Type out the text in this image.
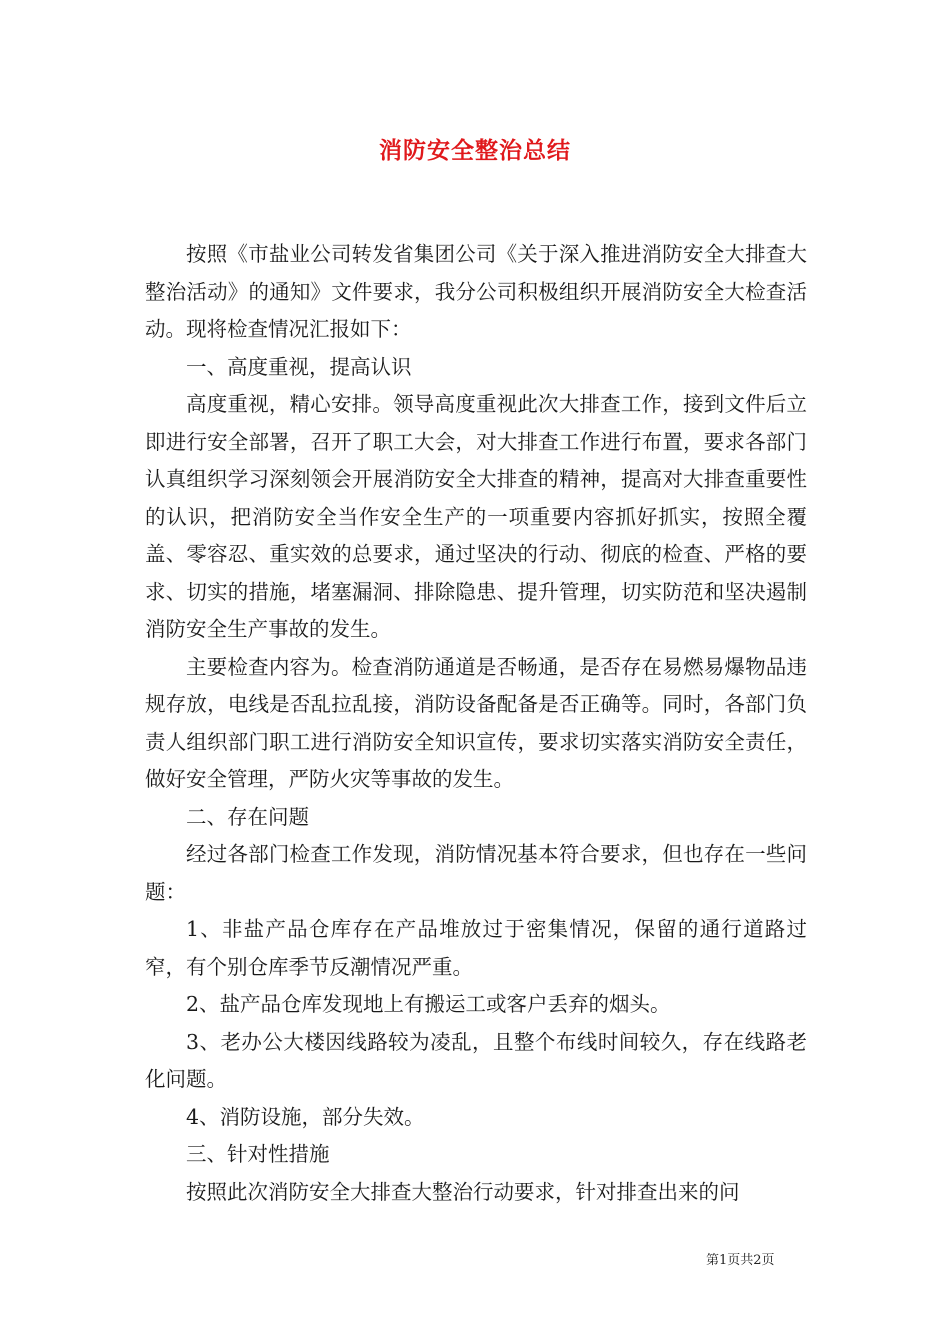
消防安全整治总结

按照《市盐业公司转发省集团公司《关于深入推进消防安全大排查大整治活动》的通知》文件要求，我分公司积极组织开展消防安全大检查活动。现将检查情况汇报如下：

一、高度重视，提高认识

高度重视，精心安排。领导高度重视此次大排查工作，接到文件后立即进行安全部署，召开了职工大会，对大排查工作进行布置，要求各部门认真组织学习深刻领会开展消防安全大排查的精神，提高对大排查重要性的认识，把消防安全当作安全生产的一项重要内容抓好抓实，按照全覆盖、零容忍、重实效的总要求，通过坚决的行动、彻底的检查、严格的要求、切实的措施，堵塞漏洞、排除隐患、提升管理，切实防范和坚决遏制消防安全生产事故的发生。

主要检查内容为。检查消防通道是否畅通，是否存在易燃易爆物品违规存放，电线是否乱拉乱接，消防设备配备是否正确等。同时，各部门负责人组织部门职工进行消防安全知识宣传，要求切实落实消防安全责任，做好安全管理，严防火灾等事故的发生。

二、存在问题

经过各部门检查工作发现，消防情况基本符合要求，但也存在一些问题：

1、非盐产品仓库存在产品堆放过于密集情况，保留的通行道路过窄，有个别仓库季节反潮情况严重。

2、盐产品仓库发现地上有搬运工或客户丢弃的烟头。

3、老办公大楼因线路较为凌乱，且整个布线时间较久，存在线路老化问题。

4、消防设施，部分失效。

三、针对性措施

按照此次消防安全大排查大整治行动要求，针对排查出来的问

第1页共2页
